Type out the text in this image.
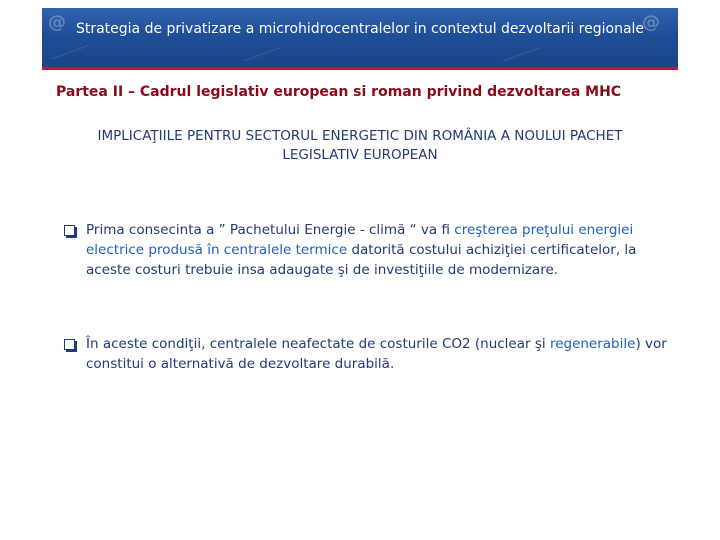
@	@
──────	──────	──────
Strategia de privatizare a microhidrocentralelor in contextul dezvoltarii regionale
Partea II – Cadrul legislativ european si roman privind dezvoltarea MHC
IMPLICAŢIILE PENTRU SECTORUL ENERGETIC DIN ROMÂNIA A NOULUI PACHET LEGISLATIV EUROPEAN
Prima consecinta a ” Pachetului Energie - climă “ va fi creşterea preţului energiei electrice produsă în centralele termice datorită costului achiziţiei certificatelor, la aceste costuri trebuie insa adaugate şi de investiţiile de modernizare.
În aceste condiţii, centralele neafectate de costurile CO2 (nuclear şi regenerabile) vor constitui o alternativă de dezvoltare durabilă.
